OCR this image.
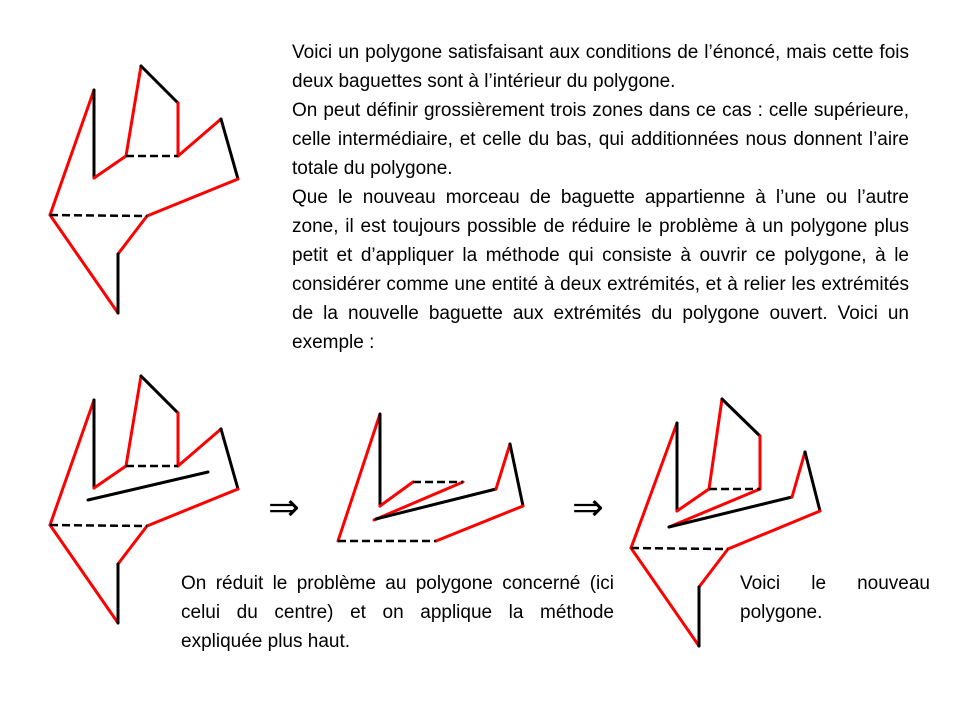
Voici un polygone satisfaisant aux conditions de l’énoncé, mais cette fois deux baguettes sont à l’intérieur du polygone.

On peut définir grossièrement trois zones dans ce cas : celle supérieure, celle intermédiaire, et celle du bas, qui additionnées nous donnent l’aire totale du polygone.

Que le nouveau morceau de baguette appartienne à l’une ou l’autre zone, il est toujours possible de réduire le problème à un polygone plus petit et d’appliquer la méthode qui consiste à ouvrir ce polygone, à le considérer comme une entité à deux extrémités, et à relier les extrémités de la nouvelle baguette aux extrémités du polygone ouvert. Voici un exemple :

On réduit le problème au polygone concerné (ici celui du centre) et on applique la méthode expliquée plus haut.

Voici le nouveau polygone.

⇒	⇒
